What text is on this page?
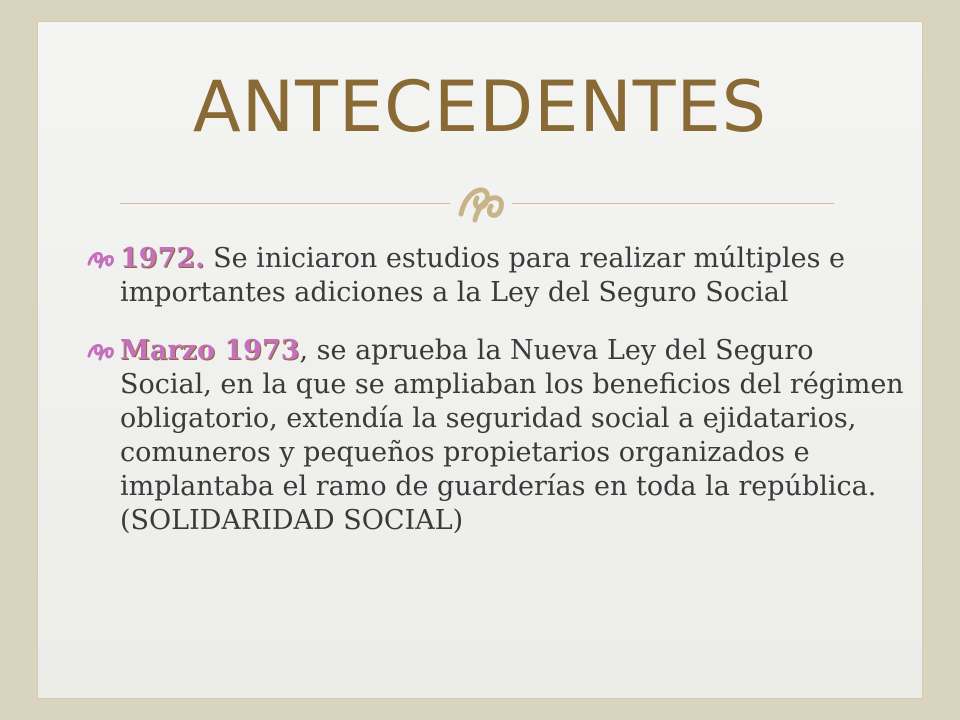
ANTECEDENTES
1972. Se iniciaron estudios para realizar múltiples e importantes adiciones a la Ley del Seguro Social
Marzo 1973, se aprueba la Nueva Ley del Seguro Social, en la que se ampliaban los beneficios del régimen obligatorio, extendía la seguridad social a ejidatarios, comuneros y pequeños propietarios organizados e implantaba el ramo de guarderías en toda la república. (SOLIDARIDAD SOCIAL)
